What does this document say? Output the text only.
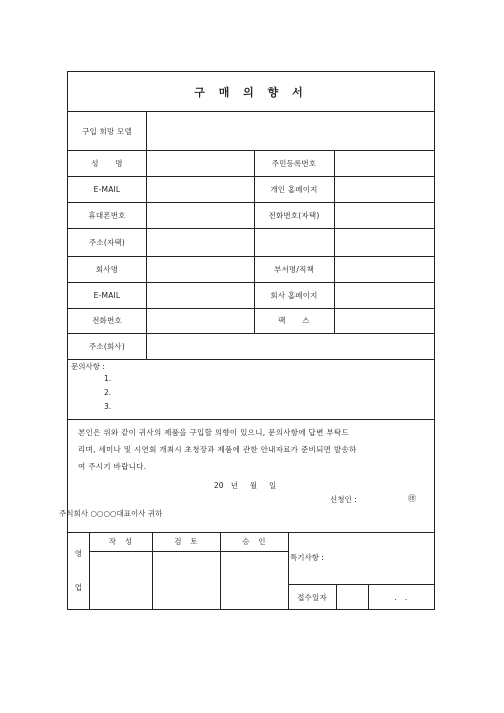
구 매 의 향 서
구입 희망 모델
성 명	주민등록번호
E-MAIL	개인 홈페이지
휴대폰번호	전화번호(자택)
주소(자택)
회사명	부서명/직책
E-MAIL	회사 홈페이지
전화번호	팩 스
주소(회사)
문의사항 :
1.
2.
3.
본인은 위와 같이 귀사의 제품을 구입할 의향이 있으니, 문의사항에 답변 부탁드
리며, 세미나 및 시연회 개최시 초청장과 제품에 관한 안내자료가 준비되면 발송하
여 주시기 바랍니다.
20   년     월     일
신청인 :	㊞
주식회사 ○○○○대표이사 귀하
영
업
작 성	검 토	승 인
특기사항 :
접수일자	.   .
